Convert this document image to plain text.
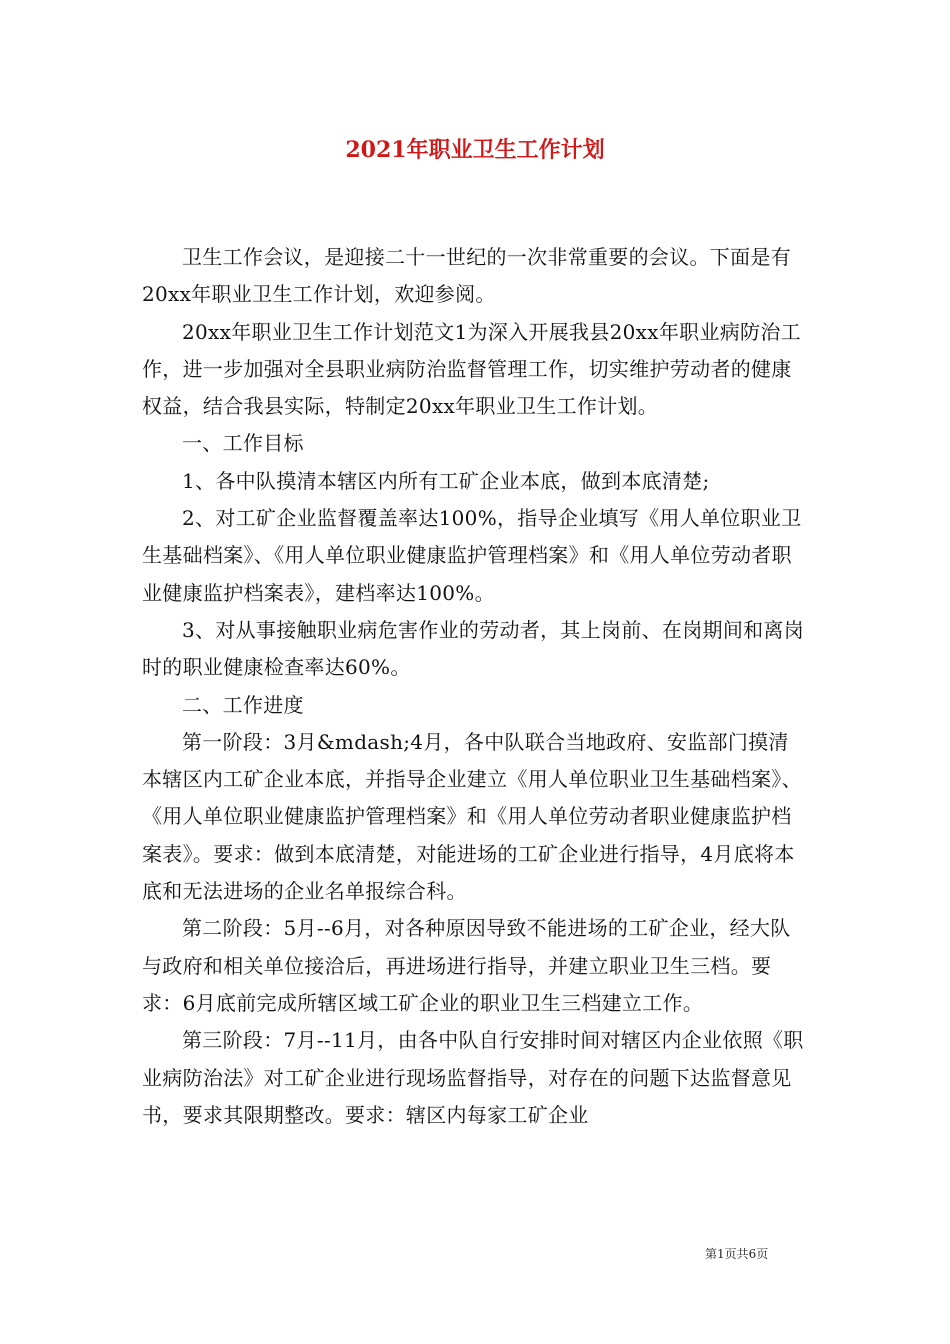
2021年职业卫生工作计划

卫生工作会议，是迎接二十一世纪的一次非常重要的会议。下面是有20xx年职业卫生工作计划，欢迎参阅。

20xx年职业卫生工作计划范文1为深入开展我县20xx年职业病防治工作，进一步加强对全县职业病防治监督管理工作，切实维护劳动者的健康权益，结合我县实际，特制定20xx年职业卫生工作计划。

一、工作目标

1、各中队摸清本辖区内所有工矿企业本底，做到本底清楚;

2、对工矿企业监督覆盖率达100%，指导企业填写《用人单位职业卫生基础档案》、《用人单位职业健康监护管理档案》和《用人单位劳动者职业健康监护档案表》，建档率达100%。

3、对从事接触职业病危害作业的劳动者，其上岗前、在岗期间和离岗时的职业健康检查率达60%。

二、工作进度

第一阶段：3月&mdash;4月，各中队联合当地政府、安监部门摸清本辖区内工矿企业本底，并指导企业建立《用人单位职业卫生基础档案》、《用人单位职业健康监护管理档案》和《用人单位劳动者职业健康监护档案表》。要求：做到本底清楚，对能进场的工矿企业进行指导，4月底将本底和无法进场的企业名单报综合科。

第二阶段：5月--6月，对各种原因导致不能进场的工矿企业，经大队与政府和相关单位接洽后，再进场进行指导，并建立职业卫生三档。要求：6月底前完成所辖区域工矿企业的职业卫生三档建立工作。

第三阶段：7月--11月，由各中队自行安排时间对辖区内企业依照《职业病防治法》对工矿企业进行现场监督指导，对存在的问题下达监督意见书，要求其限期整改。要求：辖区内每家工矿企业

第1页共6页
